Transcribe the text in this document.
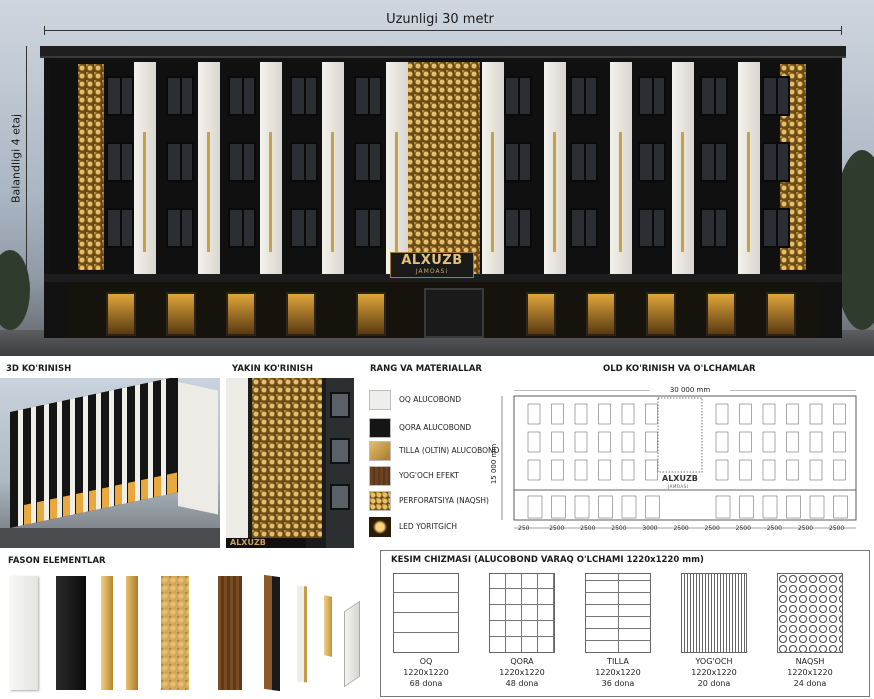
Uzunligi 30 metr
Balandligi 4 etaj
ALXUZB
JAMOASI
3D KO'RINISH	YAKIN KO'RINISH
ALXUZB
RANG VA MATERIALLAR
OQ ALUCOBOND
QORA ALUCOBOND
TILLA (OLTIN) ALUCOBOND
YOG'OCH EFEKT
PERFORATSIYA (NAQSH)
LED YORITGICH
OLD KO'RINISH VA O'LCHAMLAR
30 000 mm
15 000 mm	ALXUZB
JAMOASI
250	2500	2500	2500	3000	2500	2500	2500	2500	2500	2500
FASON ELEMENTLAR	KESIM CHIZMASI (ALUCOBOND VARAQ O'LCHAMI 1220x1220 mm)
OQ
1220x1220
68 dona
QORA
1220x1220
48 dona
TILLA
1220x1220
36 dona
YOG'OCH
1220x1220
20 dona
NAQSH
1220x1220
24 dona
